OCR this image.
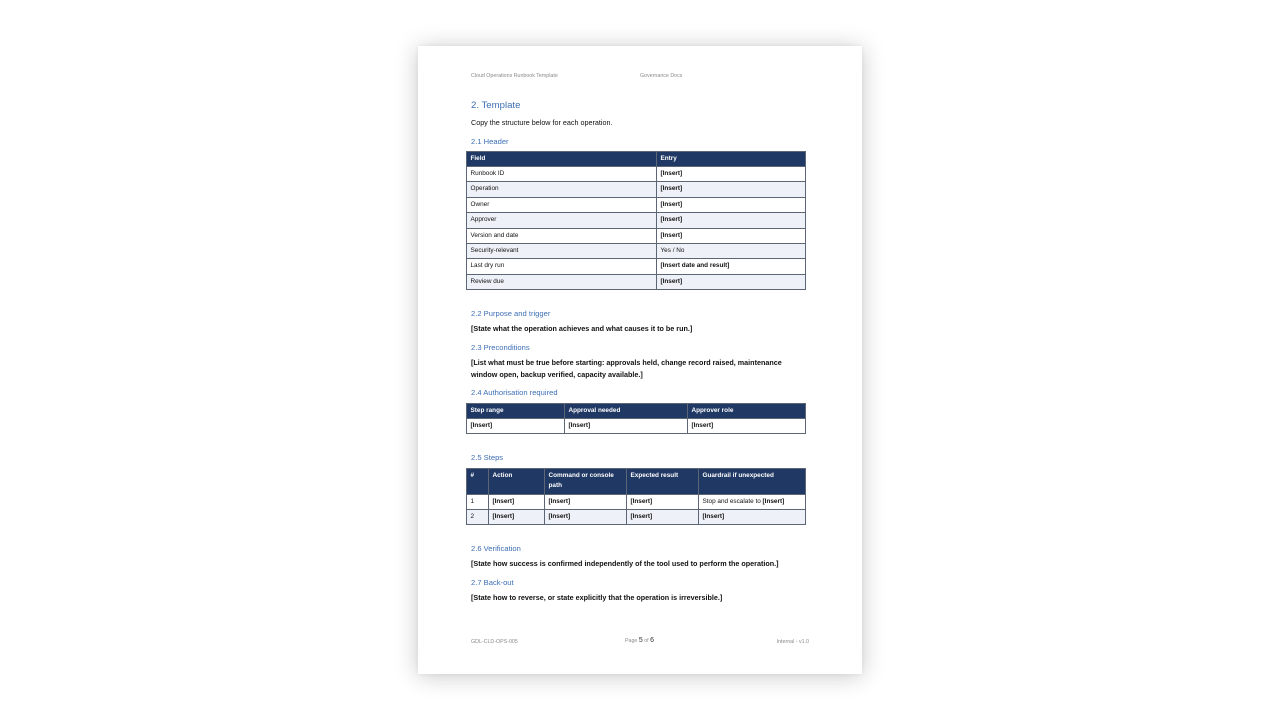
Cloud Operations Runbook Template	Governance Docs
2. Template
Copy the structure below for each operation.
2.1 Header
Field	Entry
Runbook ID	[Insert]
Operation	[Insert]
Owner	[Insert]
Approver	[Insert]
Version and date	[Insert]
Security-relevant	Yes / No
Last dry run	[Insert date and result]
Review due	[Insert]
2.2 Purpose and trigger
[State what the operation achieves and what causes it to be run.]
2.3 Preconditions
[List what must be true before starting: approvals held, change record raised, maintenance
window open, backup verified, capacity available.]
2.4 Authorisation required
Step range	Approval needed	Approver role
[Insert]	[Insert]	[Insert]
2.5 Steps
#	Action	Command or console path	Expected result	Guardrail if unexpected
1	[Insert]	[Insert]	[Insert]	Stop and escalate to [Insert]
2	[Insert]	[Insert]	[Insert]	[Insert]
2.6 Verification
[State how success is confirmed independently of the tool used to perform the operation.]
2.7 Back-out
[State how to reverse, or state explicitly that the operation is irreversible.]
GDL-CLD-OPS-005	Page 5 of 6	Internal - v1.0
